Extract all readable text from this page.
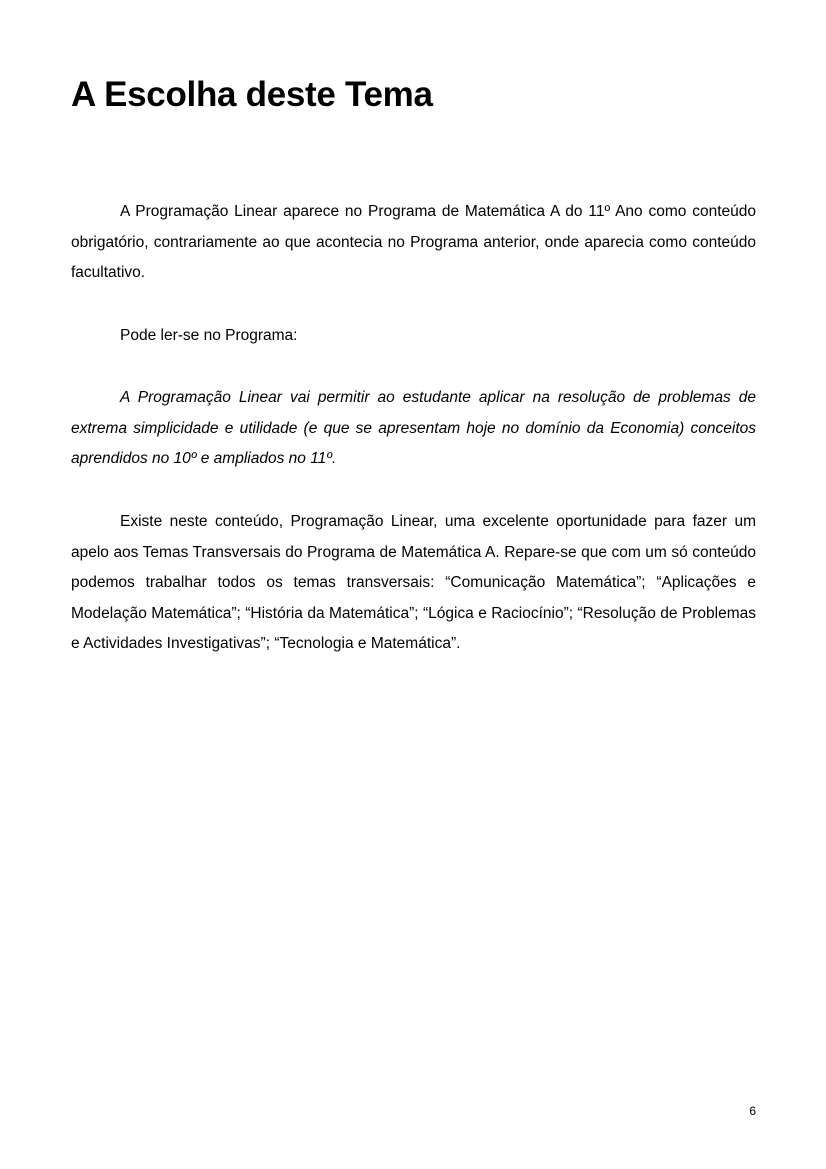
A Escolha deste Tema

A Programação Linear aparece no Programa de Matemática A do 11º Ano como conteúdo obrigatório, contrariamente ao que acontecia no Programa anterior, onde aparecia como conteúdo facultativo.

Pode ler-se no Programa:

A Programação Linear vai permitir ao estudante aplicar na resolução de problemas de extrema simplicidade e utilidade (e que se apresentam hoje no domínio da Economia) conceitos aprendidos no 10º e ampliados no 11º.

Existe neste conteúdo, Programação Linear, uma excelente oportunidade para fazer um apelo aos Temas Transversais do Programa de Matemática A. Repare-se que com um só conteúdo podemos trabalhar todos os temas transversais: “Comunicação Matemática”; “Aplicações e Modelação Matemática”; “História da Matemática”; “Lógica e Raciocínio”; “Resolução de Problemas e Actividades Investigativas”; “Tecnologia e Matemática”.

6
